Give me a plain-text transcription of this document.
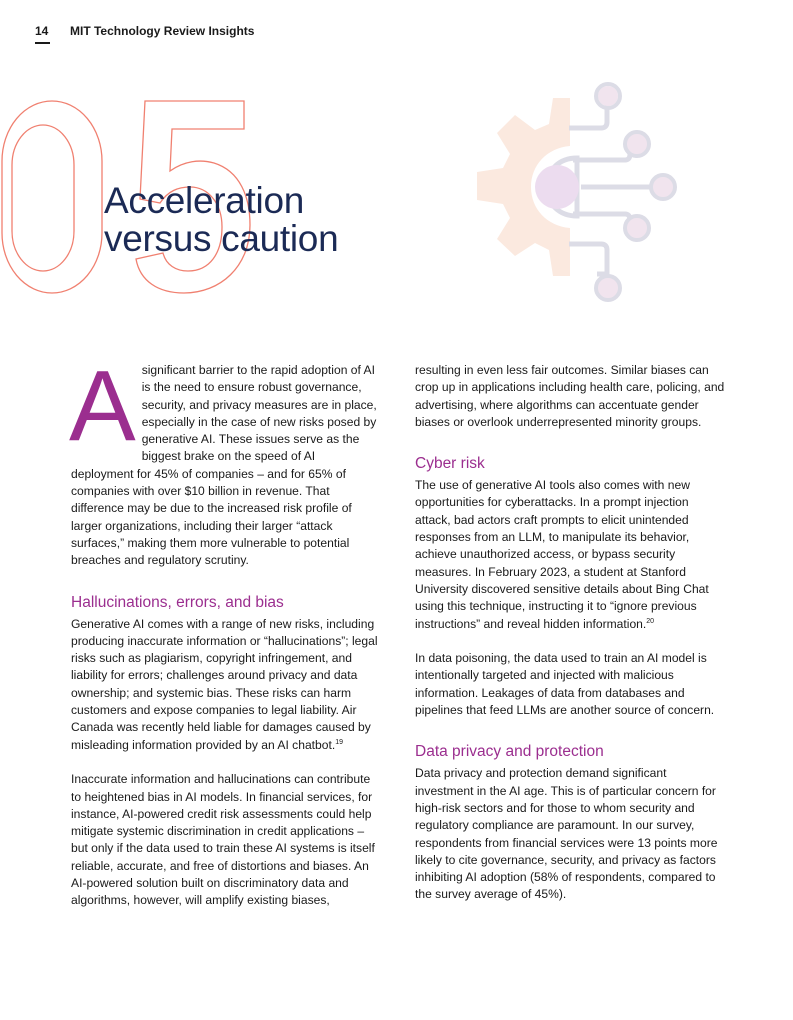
14 MIT Technology Review Insights
Acceleration
versus caution

Asignificant barrier to the rapid adoption of AI is the need to ensure robust governance, security, and privacy measures are in place, especially in the case of new risks posed by generative AI. These issues serve as the biggest brake on the speed of AI deployment for 45% of companies – and for 65% of companies with over $10 billion in revenue. That difference may be due to the increased risk profile of larger organizations, including their larger “attack surfaces,” making them more vulnerable to potential breaches and regulatory scrutiny.

Hallucinations, errors, and bias

Generative AI comes with a range of new risks, including producing inaccurate information or “hallucinations”; legal risks such as plagiarism, copyright infringement, and liability for errors; challenges around privacy and data ownership; and systemic bias. These risks can harm customers and expose companies to legal liability. Air Canada was recently held liable for damages caused by misleading information provided by an AI chatbot.$^{19}$

Inaccurate information and hallucinations can contribute to heightened bias in AI models. In financial services, for instance, AI-powered credit risk assessments could help mitigate systemic discrimination in credit applications – but only if the data used to train these AI systems is itself reliable, accurate, and free of distortions and biases. An AI-powered solution built on discriminatory data and algorithms, however, will amplify existing biases,

resulting in even less fair outcomes. Similar biases can crop up in applications including health care, policing, and advertising, where algorithms can accentuate gender biases or overlook underrepresented minority groups.

Cyber risk

The use of generative AI tools also comes with new opportunities for cyberattacks. In a prompt injection attack, bad actors craft prompts to elicit unintended responses from an LLM, to manipulate its behavior, achieve unauthorized access, or bypass security measures. In February 2023, a student at Stanford University discovered sensitive details about Bing Chat using this technique, instructing it to “ignore previous instructions” and reveal hidden information.$^{20}$

In data poisoning, the data used to train an AI model is intentionally targeted and injected with malicious information. Leakages of data from databases and pipelines that feed LLMs are another source of concern.

Data privacy and protection

Data privacy and protection demand significant investment in the AI age. This is of particular concern for high-risk sectors and for those to whom security and regulatory compliance are paramount. In our survey, respondents from financial services were 13 points more likely to cite governance, security, and privacy as factors inhibiting AI adoption (58% of respondents, compared to the survey average of 45%).
